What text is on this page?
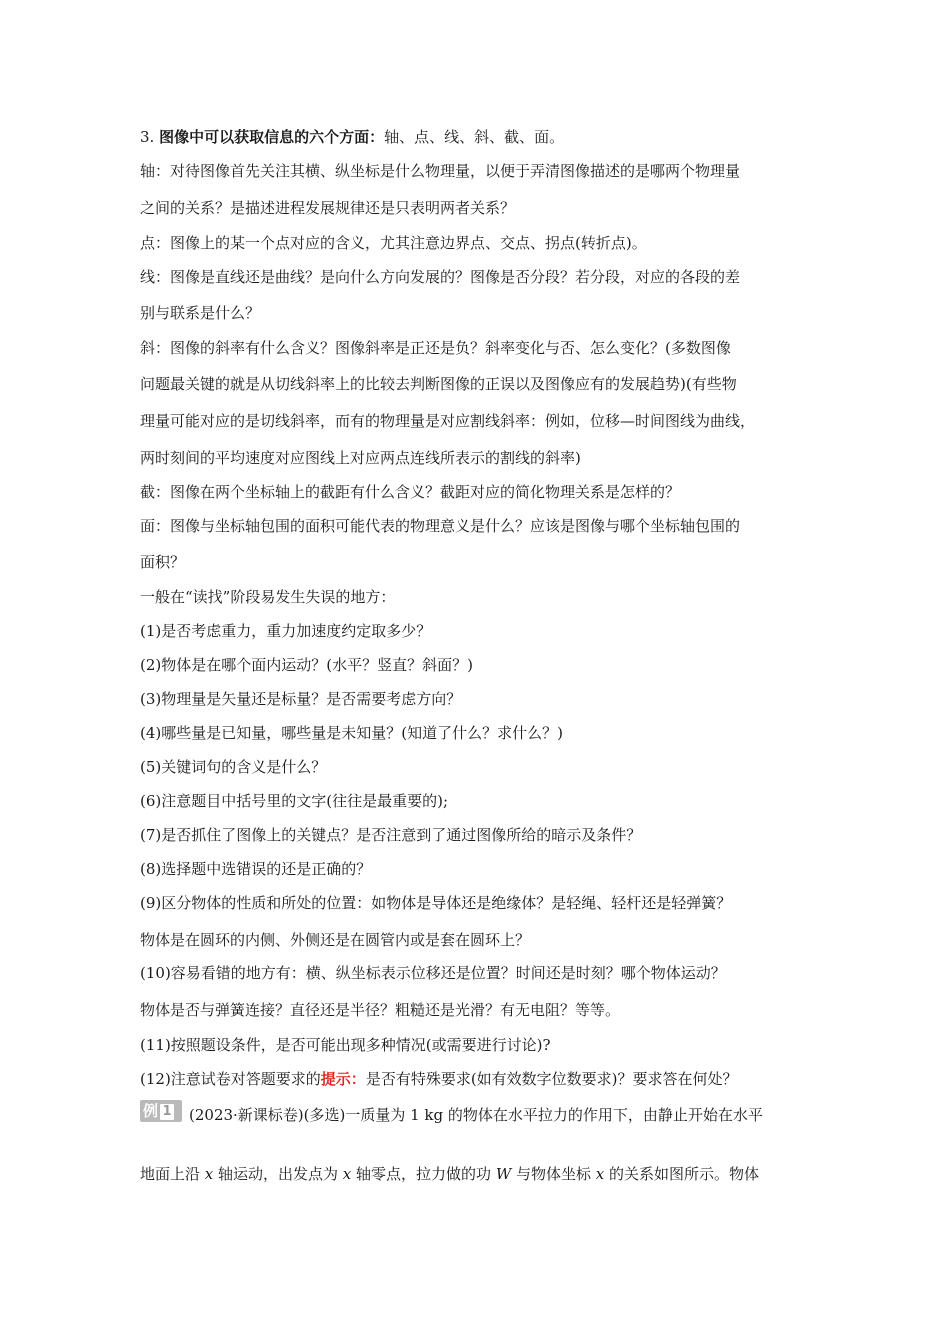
3. 图像中可以获取信息的六个方面：轴、点、线、斜、截、面。
轴：对待图像首先关注其横、纵坐标是什么物理量，以便于弄清图像描述的是哪两个物理量
之间的关系？是描述进程发展规律还是只表明两者关系？
点：图像上的某一个点对应的含义，尤其注意边界点、交点、拐点(转折点)。
线：图像是直线还是曲线？是向什么方向发展的？图像是否分段？若分段，对应的各段的差
别与联系是什么？
斜：图像的斜率有什么含义？图像斜率是正还是负？斜率变化与否、怎么变化？(多数图像
问题最关键的就是从切线斜率上的比较去判断图像的正误以及图像应有的发展趋势)(有些物
理量可能对应的是切线斜率，而有的物理量是对应割线斜率：例如，位移—时间图线为曲线，
两时刻间的平均速度对应图线上对应两点连线所表示的割线的斜率)
截：图像在两个坐标轴上的截距有什么含义？截距对应的简化物理关系是怎样的？
面：图像与坐标轴包围的面积可能代表的物理意义是什么？应该是图像与哪个坐标轴包围的
面积？
一般在“读找”阶段易发生失误的地方：
(1)是否考虑重力，重力加速度约定取多少？
(2)物体是在哪个面内运动？(水平？竖直？斜面？)
(3)物理量是矢量还是标量？是否需要考虑方向？
(4)哪些量是已知量，哪些量是未知量？(知道了什么？求什么？)
(5)关键词句的含义是什么？
(6)注意题目中括号里的文字(往往是最重要的);
(7)是否抓住了图像上的关键点？是否注意到了通过图像所给的暗示及条件？
(8)选择题中选错误的还是正确的？
(9)区分物体的性质和所处的位置：如物体是导体还是绝缘体？是轻绳、轻杆还是轻弹簧？
物体是在圆环的内侧、外侧还是在圆管内或是套在圆环上？
(10)容易看错的地方有：横、纵坐标表示位移还是位置？时间还是时刻？哪个物体运动？
物体是否与弹簧连接？直径还是半径？粗糙还是光滑？有无电阻？等等。
(11)按照题设条件，是否可能出现多种情况(或需要进行讨论)?
(12)注意试卷对答题要求的提示：是否有特殊要求(如有效数字位数要求)？要求答在何处？
例 1	(2023·新课标卷)(多选)一质量为 1 kg 的物体在水平拉力的作用下，由静止开始在水平
地面上沿 x 轴运动，出发点为 x 轴零点，拉力做的功 W 与物体坐标 x 的关系如图所示。物体
